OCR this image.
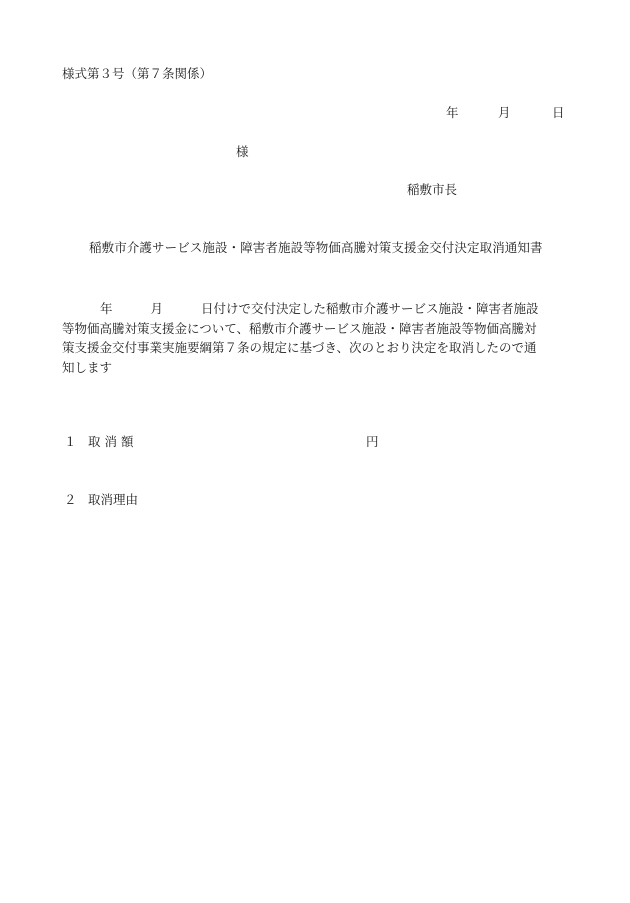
様式第３号（第７条関係）
年	月	日
様
稲敷市長
稲敷市介護サービス施設・障害者施設等物価高騰対策支援金交付決定取消通知書
年	月	日付けで交付決定した稲敷市介護サービス施設・障害者施設
等物価高騰対策支援金について、稲敷市介護サービス施設・障害者施設等物価高騰対
策支援金交付事業実施要綱第７条の規定に基づき、次のとおり決定を取消したので通
知します
１ 取消額	円
２ 取消理由
